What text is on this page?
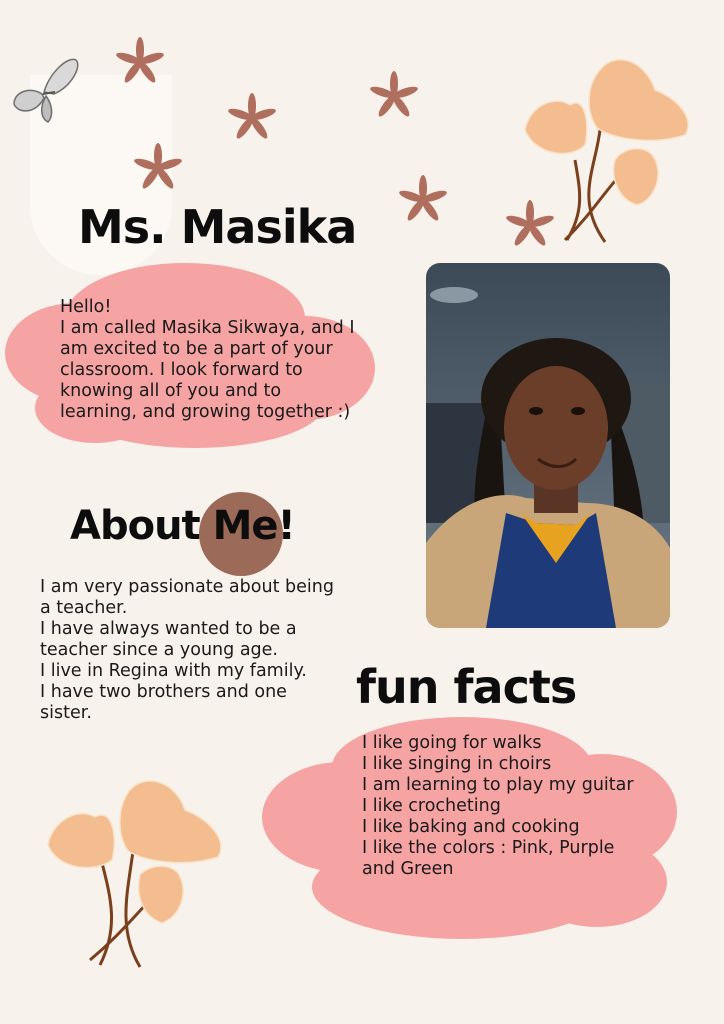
Ms. Masika
Hello!
I am called Masika Sikwaya, and I am excited to be a part of your classroom. I look forward to knowing all of you and to learning, and growing together :)
About Me!
I am very passionate about being a teacher.
I have always wanted to be a teacher since a young age.
I live in Regina with my family.
I have two brothers and one sister.	fun facts
I like going for walks
I like singing in choirs
I am learning to play my guitar
I like crocheting
I like baking and cooking
I like the colors : Pink, Purple and Green
